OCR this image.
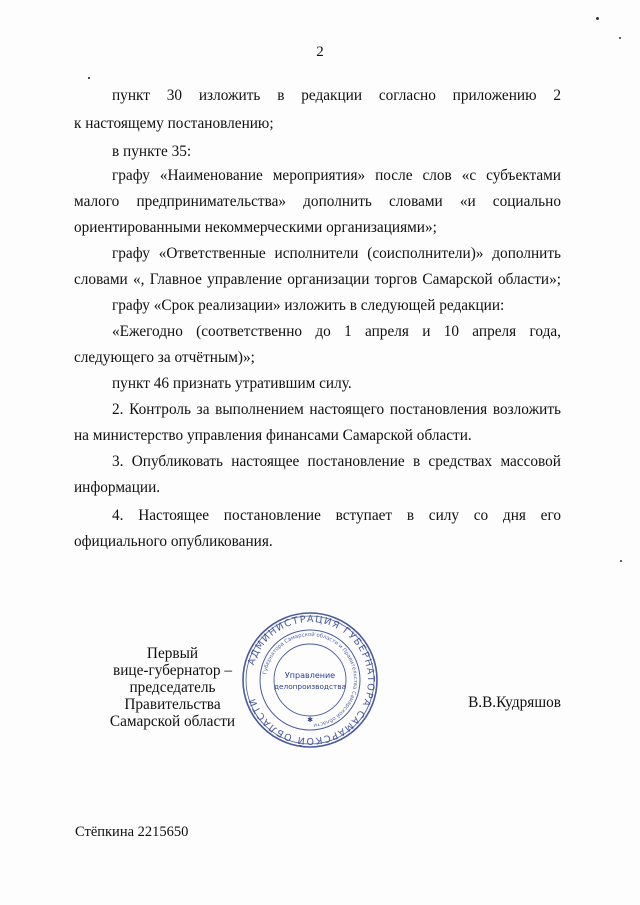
2
пункт 30 изложить в редакции согласно приложению 2
к настоящему постановлению;
в пункте 35:
графу «Наименование мероприятия» после слов «с субъектами
малого предпринимательства» дополнить словами «и социально
ориентированными некоммерческими организациями»;
графу «Ответственные исполнители (соисполнители)» дополнить
словами «, Главное управление организации торгов Самарской области»;
графу «Срок реализации» изложить в следующей редакции:
«Ежегодно (соответственно до 1 апреля и 10 апреля года,
следующего за отчётным)»;
пункт 46 признать утратившим силу.
2. Контроль за выполнением настоящего постановления возложить
на министерство управления финансами Самарской области.
3. Опубликовать настоящее постановление в средствах массовой
информации.
4. Настоящее постановление вступает в силу со дня его
официального опубликования.
Первый
вице-губернатор –
председатель Правительства
Самарской области
АДМИНИСТРАЦИЯ ГУБЕРНАТОРА САМАРСКОЙ ОБЛАСТИ
Губернатора Самарской области и Правительства Самарской области
Управление
делопроизводства
✱
В.В.Кудряшов
Стёпкина 2215650
